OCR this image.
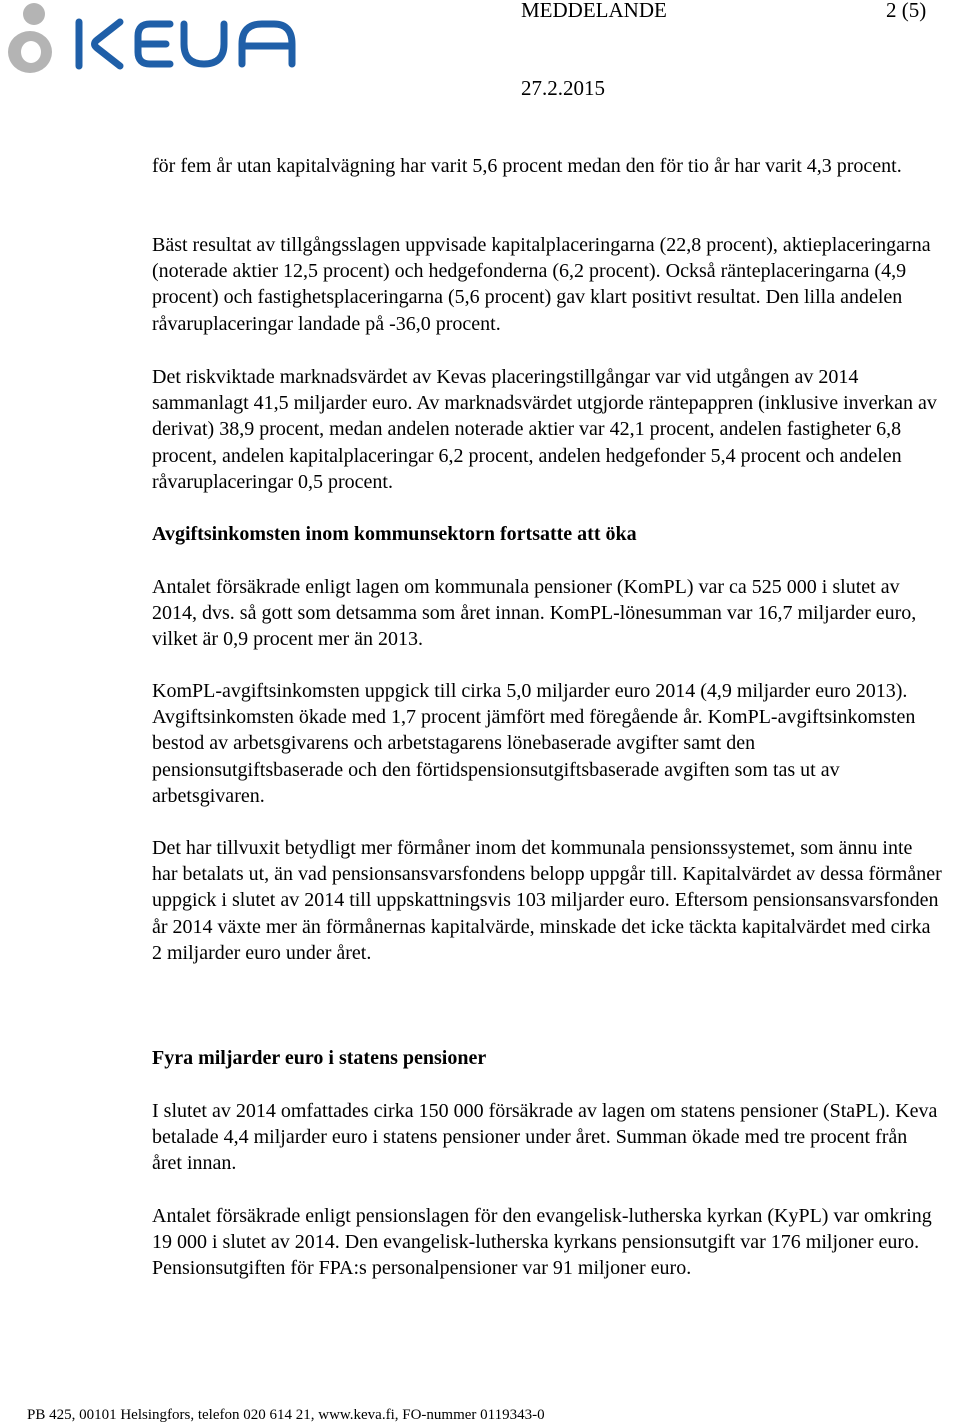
MEDDELANDE	2 (5)
27.2.2015

för fem år utan kapitalvägning har varit 5,6 procent medan den för tio år har varit 4,3 procent.

Bäst resultat av tillgångsslagen uppvisade kapitalplaceringarna (22,8 procent), aktieplaceringarna (noterade aktier 12,5 procent) och hedgefonderna (6,2 procent). Också ränteplaceringarna (4,9 procent) och fastighetsplaceringarna (5,6 procent) gav klart positivt resultat. Den lilla andelen råvaruplaceringar landade på -36,0 procent.

Det riskviktade marknadsvärdet av Kevas placeringstillgångar var vid utgången av 2014 sammanlagt 41,5 miljarder euro. Av marknadsvärdet utgjorde räntepappren (inklusive inverkan av derivat) 38,9 procent, medan andelen noterade aktier var 42,1 procent, andelen fastigheter 6,8 procent, andelen kapitalplaceringar 6,2 procent, andelen hedgefonder 5,4 procent och andelen råvaruplaceringar 0,5 procent.

Avgiftsinkomsten inom kommunsektorn fortsatte att öka

Antalet försäkrade enligt lagen om kommunala pensioner (KomPL) var ca 525 000 i slutet av 2014, dvs. så gott som detsamma som året innan. KomPL-lönesumman var 16,7 miljarder euro, vilket är 0,9 procent mer än 2013.

KomPL-avgiftsinkomsten uppgick till cirka 5,0 miljarder euro 2014 (4,9 miljarder euro 2013). Avgiftsinkomsten ökade med 1,7 procent jämfört med föregående år. KomPL-avgiftsinkomsten bestod av arbetsgivarens och arbetstagarens lönebaserade avgifter samt den pensionsutgiftsbaserade och den förtidspensionsutgiftsbaserade avgiften som tas ut av arbetsgivaren.

Det har tillvuxit betydligt mer förmåner inom det kommunala pensionssystemet, som ännu inte har betalats ut, än vad pensionsansvarsfondens belopp uppgår till. Kapitalvärdet av dessa förmåner uppgick i slutet av 2014 till uppskattningsvis 103 miljarder euro. Eftersom pensionsansvarsfonden år 2014 växte mer än förmånernas kapitalvärde, minskade det icke täckta kapitalvärdet med cirka 2 miljarder euro under året.

Fyra miljarder euro i statens pensioner

I slutet av 2014 omfattades cirka 150 000 försäkrade av lagen om statens pensioner (StaPL). Keva betalade 4,4 miljarder euro i statens pensioner under året. Summan ökade med tre procent från året innan.

Antalet försäkrade enligt pensionslagen för den evangelisk-lutherska kyrkan (KyPL) var omkring 19 000 i slutet av 2014. Den evangelisk-lutherska kyrkans pensionsutgift var 176 miljoner euro. Pensionsutgiften för FPA:s personalpensioner var 91 miljoner euro.

PB 425, 00101 Helsingfors, telefon 020 614 21, www.keva.fi, FO-nummer 0119343-0
